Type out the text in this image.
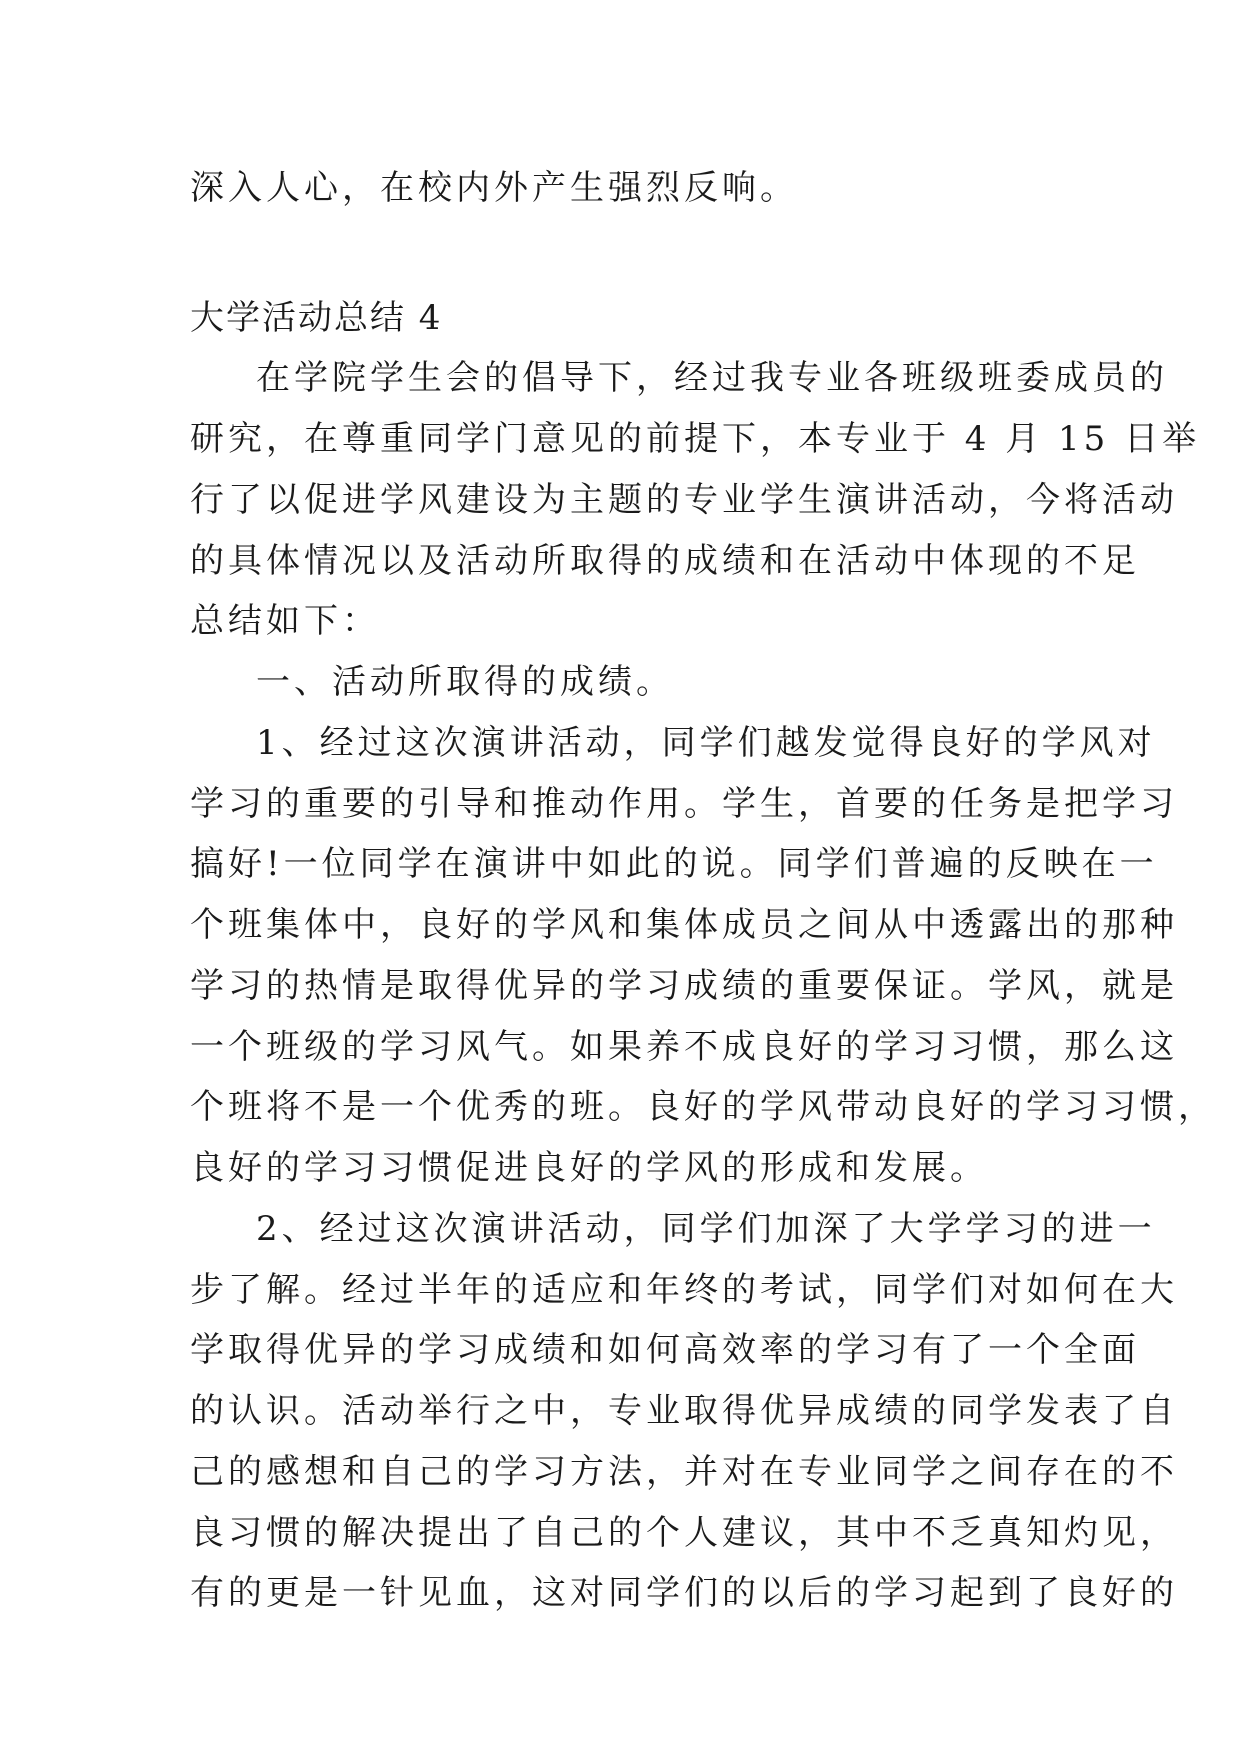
深入人心，在校内外产生强烈反响。
大学活动总结 4
在学院学生会的倡导下，经过我专业各班级班委成员的
研究，在尊重同学门意见的前提下，本专业于 4 月 15 日举
行了以促进学风建设为主题的专业学生演讲活动，今将活动
的具体情况以及活动所取得的成绩和在活动中体现的不足
总结如下：
一、活动所取得的成绩。
1、经过这次演讲活动，同学们越发觉得良好的学风对
学习的重要的引导和推动作用。学生，首要的任务是把学习
搞好!一位同学在演讲中如此的说。同学们普遍的反映在一
个班集体中，良好的学风和集体成员之间从中透露出的那种
学习的热情是取得优异的学习成绩的重要保证。学风，就是
一个班级的学习风气。如果养不成良好的学习习惯，那么这
个班将不是一个优秀的班。良好的学风带动良好的学习习惯，
良好的学习习惯促进良好的学风的形成和发展。
2、经过这次演讲活动，同学们加深了大学学习的进一
步了解。经过半年的适应和年终的考试，同学们对如何在大
学取得优异的学习成绩和如何高效率的学习有了一个全面
的认识。活动举行之中，专业取得优异成绩的同学发表了自
己的感想和自己的学习方法，并对在专业同学之间存在的不
良习惯的解决提出了自己的个人建议，其中不乏真知灼见，
有的更是一针见血，这对同学们的以后的学习起到了良好的
